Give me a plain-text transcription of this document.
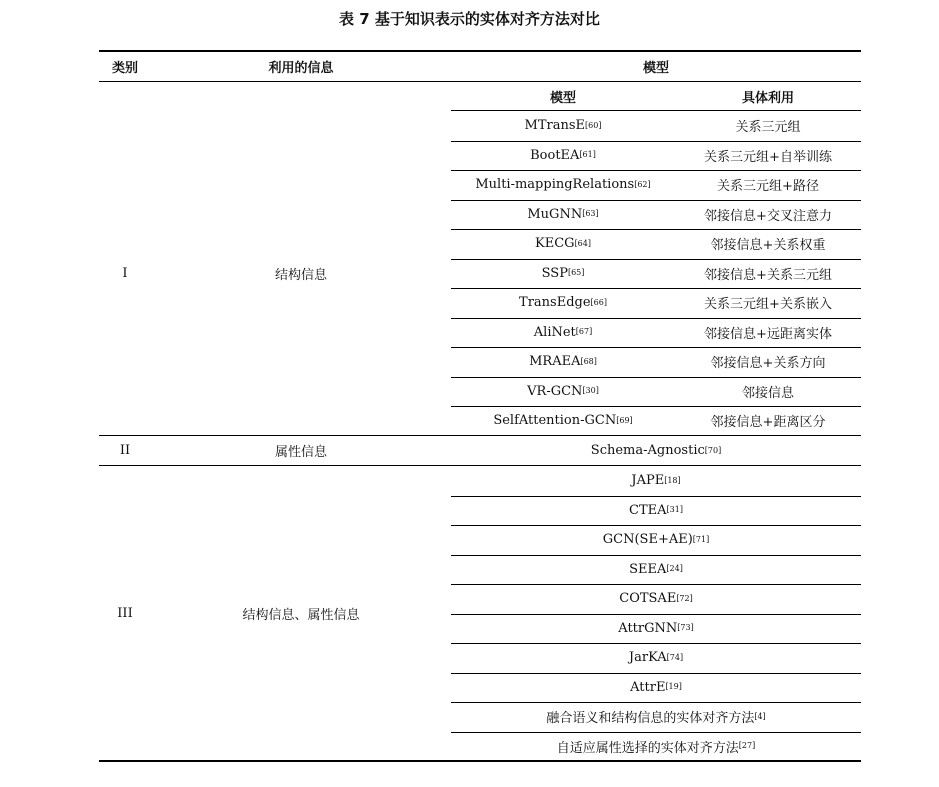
表 7 基于知识表示的实体对齐方法对比
类别	利用的信息	模型
模型	具体利用
I	结构信息
MTransE [60]	关系三元组
BootEA [61]	关系三元组+自举训练
Multi-mappingRelations [62]	关系三元组+路径
MuGNN [63]	邻接信息+交叉注意力
KECG [64]	邻接信息+关系权重
SSP [65]	邻接信息+关系三元组
TransEdge [66]	关系三元组+关系嵌入
AliNet [67]	邻接信息+远距离实体
MRAEA [68]	邻接信息+关系方向
VR-GCN [30]	邻接信息
SelfAttention-GCN [69]	邻接信息+距离区分
II	属性信息	Schema-Agnostic [70]
III	结构信息、属性信息
JAPE [18]
CTEA [31]
GCN(SE+AE) [71]
SEEA [24]
COTSAE [72]
AttrGNN [73]
JarKA [74]
AttrE [19]
融合语义和结构信息的实体对齐方法 [4]
自适应属性选择的实体对齐方法 [27]
